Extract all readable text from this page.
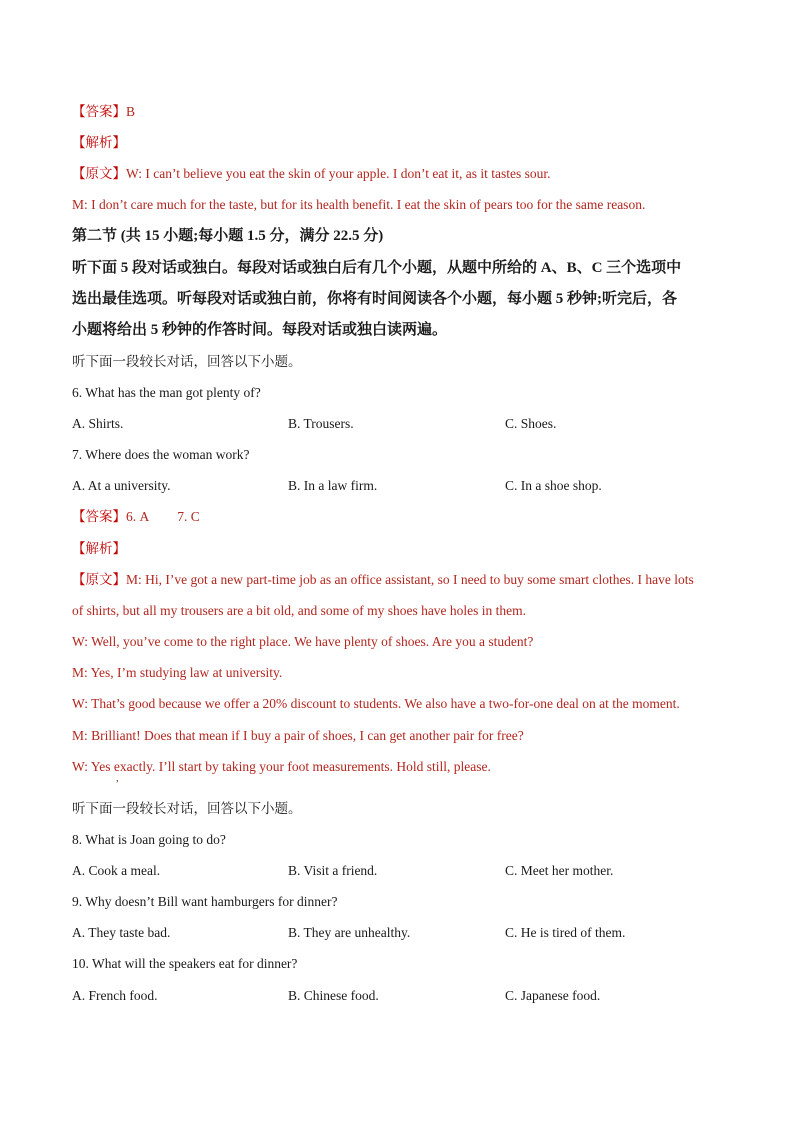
【答案】B
【解析】
【原文】W: I can’t believe you eat the skin of your apple. I don’t eat it, as it tastes sour.
M: I don’t care much for the taste, but for its health benefit. I eat the skin of pears too for the same reason.
第二节 (共 15 小题;每小题 1.5 分，满分 22.5 分)
听下面 5 段对话或独白。每段对话或独白后有几个小题，从题中所给的 A、B、C 三个选项中
选出最佳选项。听每段对话或独白前，你将有时间阅读各个小题，每小题 5 秒钟;听完后，各
小题将给出 5 秒钟的作答时间。每段对话或独白读两遍。
听下面一段较长对话，回答以下小题。
6. What has the man got plenty of?
A. Shirts.	B. Trousers.	C. Shoes.
7. Where does the woman work?
A. At a university.	B. In a law firm.	C. In a shoe shop.
【答案】6. A 7. C
【解析】
【原文】M: Hi, I’ve got a new part-time job as an office assistant, so I need to buy some smart clothes. I have lots
of shirts, but all my trousers are a bit old, and some of my shoes have holes in them.
W: Well, you’ve come to the right place. We have plenty of shoes. Are you a student?
M: Yes, I’m studying law at university.
W: That’s good because we offer a 20% discount to students. We also have a two-for-one deal on at the moment.
M: Brilliant! Does that mean if I buy a pair of shoes, I can get another pair for free?
W: Yes exactly. I’ll start by taking your foot measurements. Hold still, please.
,
听下面一段较长对话，回答以下小题。
8. What is Joan going to do?
A. Cook a meal.	B. Visit a friend.	C. Meet her mother.
9. Why doesn’t Bill want hamburgers for dinner?
A. They taste bad.	B. They are unhealthy.	C. He is tired of them.
10. What will the speakers eat for dinner?
A. French food.	B. Chinese food.	C. Japanese food.
